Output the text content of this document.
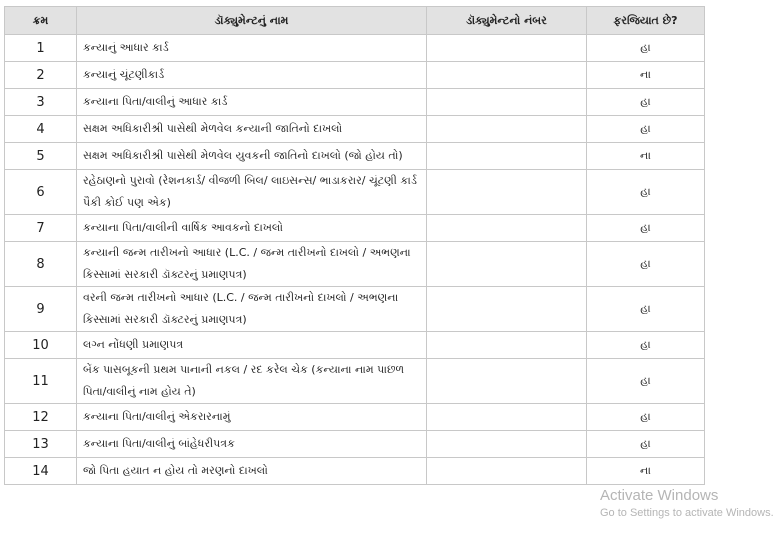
ક્રમ	ડૉક્યુમેન્ટનું નામ	ડૉક્યુમેન્ટનો નંબર	ફરજિયાત છે?
1	કન્યાનું આધાર કાર્ડ		હા
2	કન્યાનું ચૂંટણીકાર્ડ		ના
3	કન્યાના પિતા/વાલીનું આધાર કાર્ડ		હા
4	સક્ષમ અધિકારીશ્રી પાસેથી મેળવેલ કન્યાની જાતિનો દાખલો		હા
5	સક્ષમ અધિકારીશ્રી પાસેથી મેળવેલ યુવકની જાતિનો દાખલો (જો હોય તો)		ના
6	રહેઠાણનો પુરાવો (રેશનકાર્ડ/ વીજળી બિલ/ લાઇસન્સ/ ભાડાકરાર/ ચૂંટણી કાર્ડ પૈકી કોઈ પણ એક)		હા
7	કન્યાના પિતા/વાલીની વાર્ષિક આવકનો દાખલો		હા
8	કન્યાની જન્મ તારીખનો આધાર (L.C. / જન્મ તારીખનો દાખલો / અભણના કિસ્સામાં સરકારી ડૉક્ટરનું પ્રમાણપત્ર)		હા
9	વરની જન્મ તારીખનો આધાર (L.C. / જન્મ તારીખનો દાખલો / અભણના કિસ્સામાં સરકારી ડૉક્ટરનું પ્રમાણપત્ર)		હા
10	લગ્ન નોંધણી પ્રમાણપત્ર		હા
11	બેંક પાસબૂકની પ્રથમ પાનાની નકલ / રદ કરેલ ચેક (કન્યાના નામ પાછળ પિતા/વાલીનું નામ હોય તે)		હા
12	કન્યાના પિતા/વાલીનું એકરારનામું		હા
13	કન્યાના પિતા/વાલીનું બાંહેધરીપત્રક		હા
14	જો પિતા હયાત ન હોય તો મરણનો દાખલો		ના
Activate Windows
Go to Settings to activate Windows.
